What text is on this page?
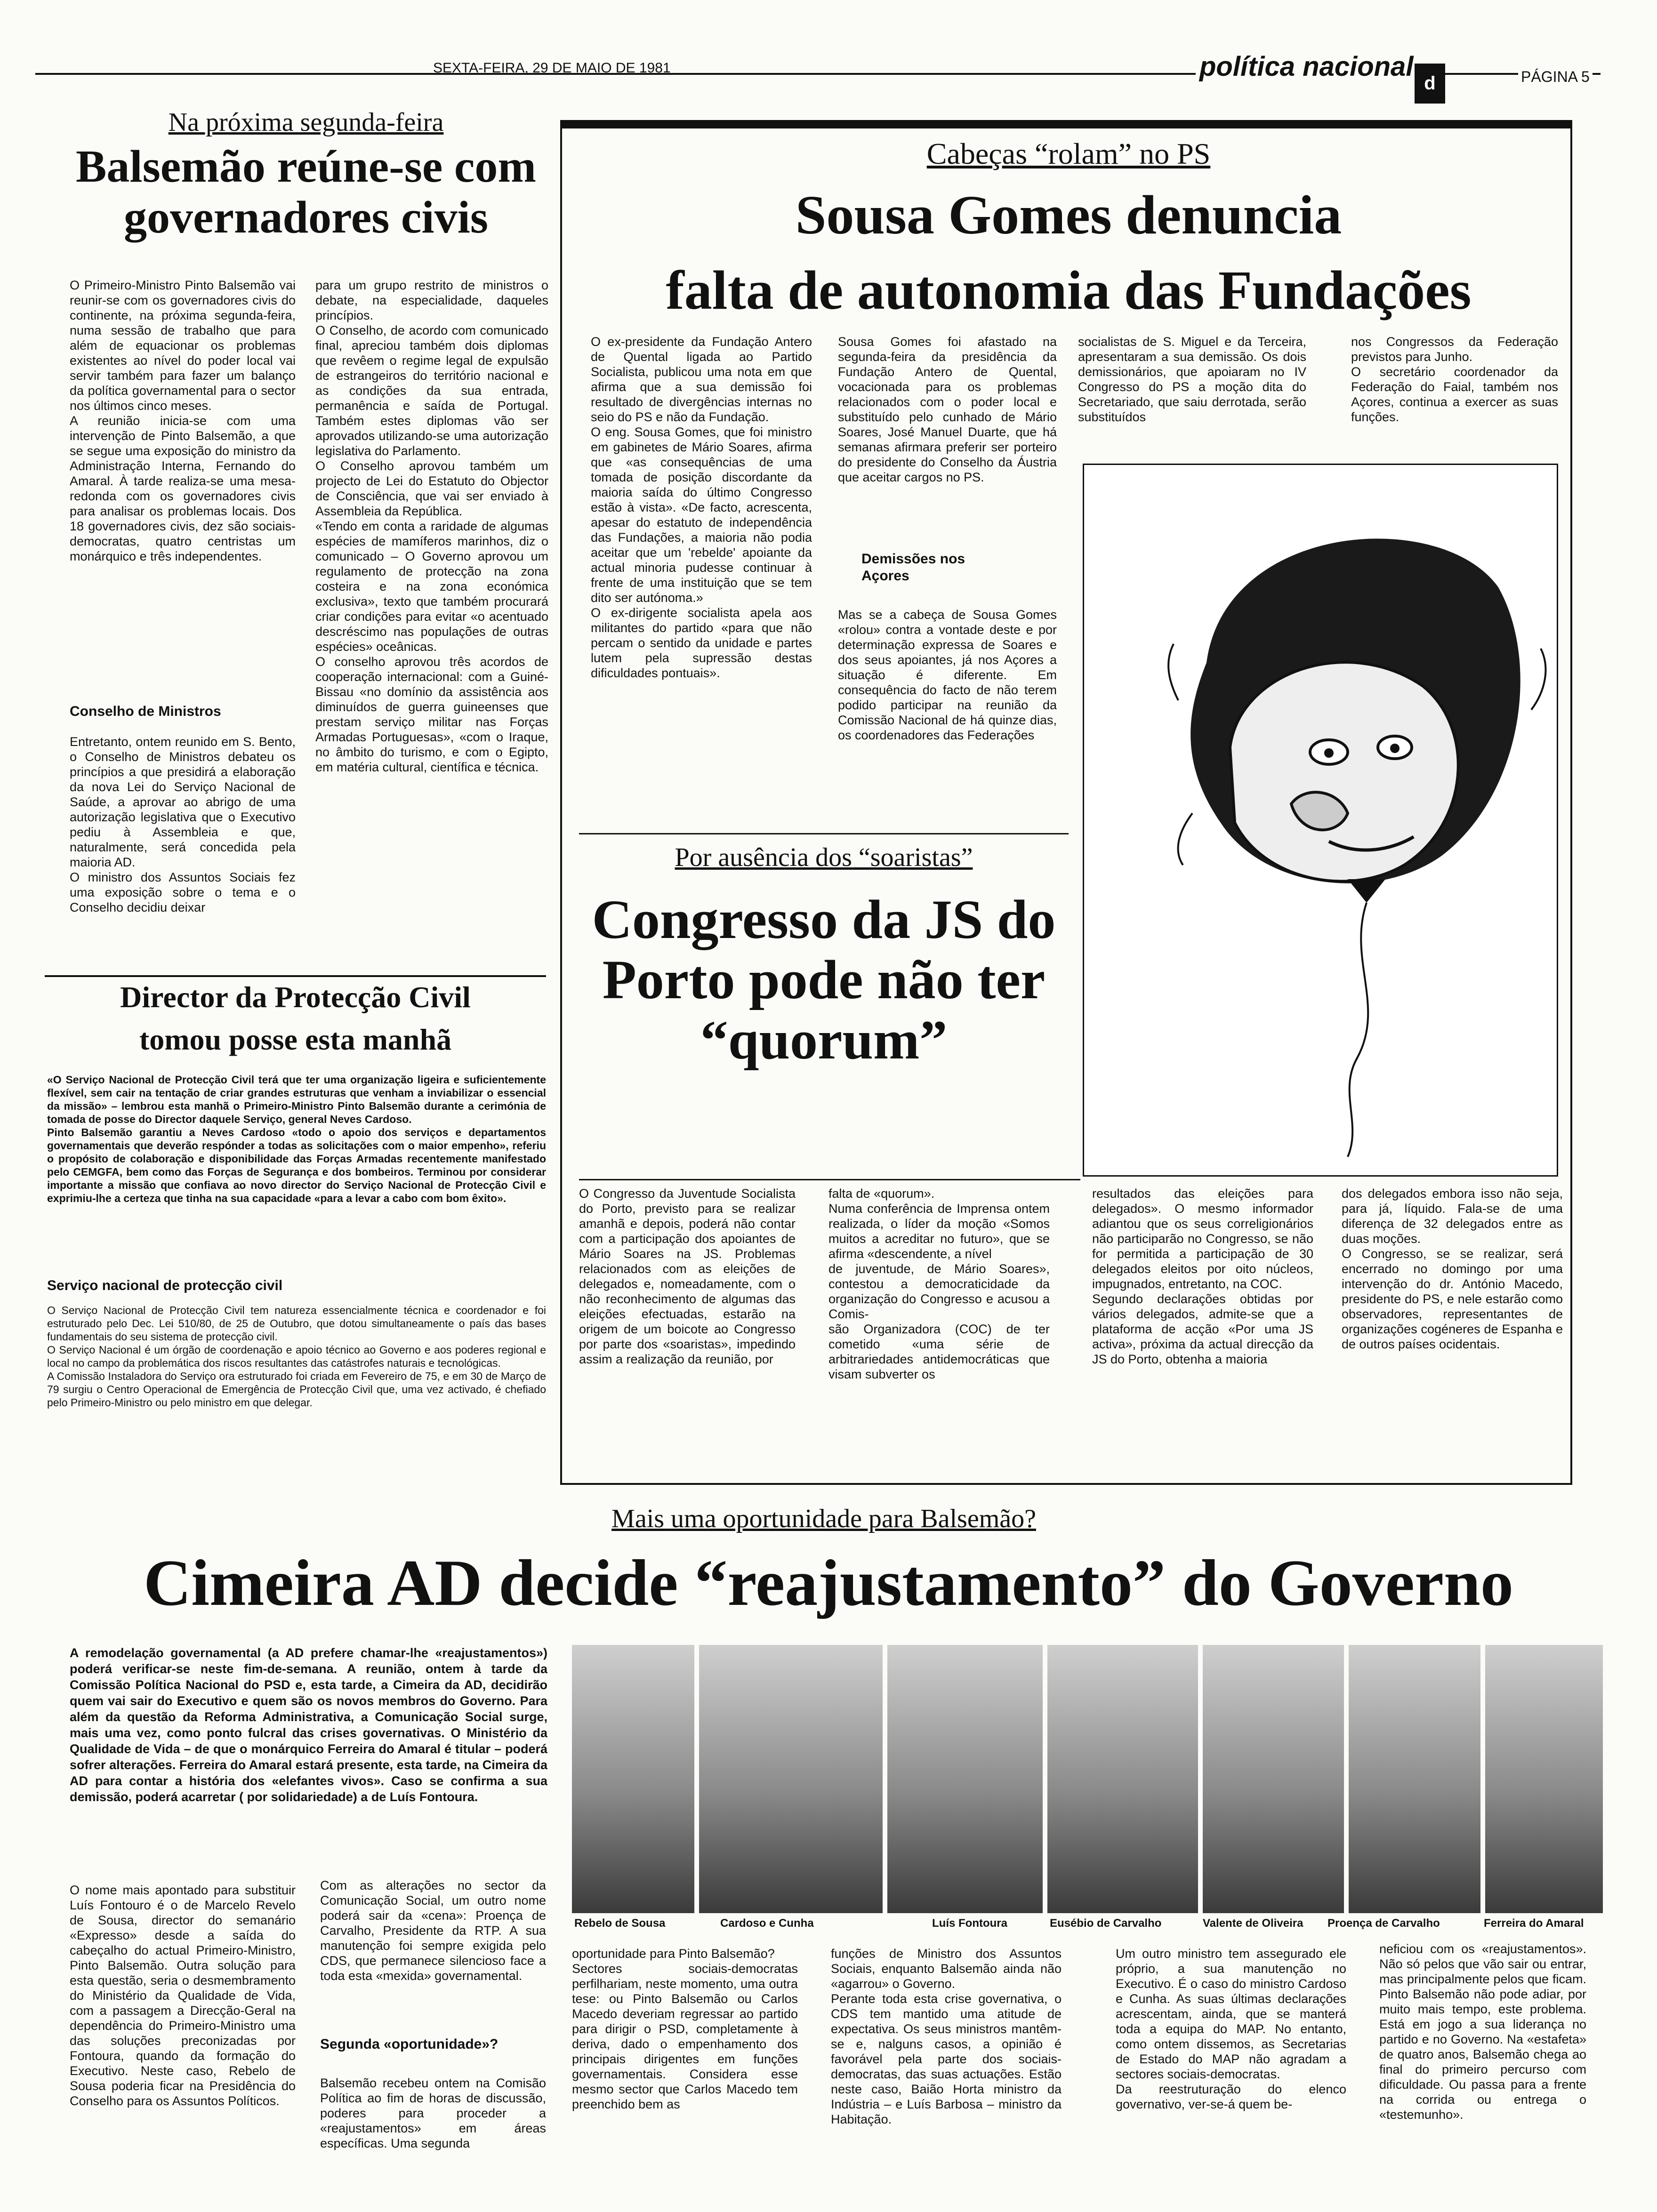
SEXTA-FEIRA, 29 DE MAIO DE 1981	política nacional
d	PÁGINA 5
Na próxima segunda-feira
Balsemão reúne-se com governadores civis
O Primeiro-Ministro Pinto Balsemão vai reunir-se com os governadores civis do continente, na próxima segunda-feira, numa sessão de trabalho que para além de equacionar os problemas existentes ao nível do poder local vai servir também para fazer um balanço da política governamental para o sector nos últimos cinco meses.
A reunião inicia-se com uma intervenção de Pinto Balsemão, a que se segue uma exposição do ministro da Administração Interna, Fernando do Amaral. À tarde realiza-se uma mesa-redonda com os governadores civis para analisar os problemas locais. Dos 18 governadores civis, dez são sociais-democratas, quatro centristas um monárquico e três independentes.
Conselho de Ministros
Entretanto, ontem reunido em S. Bento, o Conselho de Ministros debateu os princípios a que presidirá a elaboração da nova Lei do Serviço Nacional de Saúde, a aprovar ao abrigo de uma autorização legislativa que o Executivo pediu à Assembleia e que, naturalmente, será concedida pela maioria AD.
O ministro dos Assuntos Sociais fez uma exposição sobre o tema e o Conselho decidiu deixar
para um grupo restrito de ministros o debate, na especialidade, daqueles princípios.
O Conselho, de acordo com comunicado final, apreciou também dois diplomas que revêem o regime legal de expulsão de estrangeiros do território nacional e as condições da sua entrada, permanência e saída de Portugal. Também estes diplomas vão ser aprovados utilizando-se uma autorização legislativa do Parlamento.
O Conselho aprovou também um projecto de Lei do Estatuto do Objector de Consciência, que vai ser enviado à Assembleia da República.
«Tendo em conta a raridade de algumas espécies de mamíferos marinhos, diz o comunicado – O Governo aprovou um regulamento de protecção na zona costeira e na zona económica exclusiva», texto que também procurará criar condições para evitar «o acentuado descréscimo nas populações de outras espécies» oceânicas.
O conselho aprovou três acordos de cooperação internacional: com a Guiné-Bissau «no domínio da assistência aos diminuídos de guerra guineenses que prestam serviço militar nas Forças Armadas Portuguesas», «com o Iraque, no âmbito do turismo, e com o Egipto, em matéria cultural, científica e técnica.
Director da Protecção Civil
tomou posse esta manhã
«O Serviço Nacional de Protecção Civil terá que ter uma organização ligeira e suficientemente flexível, sem cair na tentação de criar grandes estruturas que venham a inviabilizar o essencial da missão» – lembrou esta manhã o Primeiro-Ministro Pinto Balsemão durante a cerimónia de tomada de posse do Director daquele Serviço, general Neves Cardoso.
Pinto Balsemão garantiu a Neves Cardoso «todo o apoio dos serviços e departamentos governamentais que deverão respónder a todas as solicitações com o maior empenho», referiu o propósito de colaboração e disponibilidade das Forças Armadas recentemente manifestado pelo CEMGFA, bem como das Forças de Segurança e dos bombeiros. Terminou por considerar importante a missão que confiava ao novo director do Serviço Nacional de Protecção Civil e exprimiu-lhe a certeza que tinha na sua capacidade «para a levar a cabo com bom êxito».
Serviço nacional de protecção civil
O Serviço Nacional de Protecção Civil tem natureza essencialmente técnica e coordenador e foi estruturado pelo Dec. Lei 510/80, de 25 de Outubro, que dotou simultaneamente o país das bases fundamentais do seu sistema de protecção civil.
O Serviço Nacional é um órgão de coordenação e apoio técnico ao Governo e aos poderes regional e local no campo da problemática dos riscos resultantes das catástrofes naturais e tecnológicas.
A Comissão Instaladora do Serviço ora estruturado foi criada em Fevereiro de 75, e em 30 de Março de 79 surgiu o Centro Operacional de Emergência de Protecção Civil que, uma vez activado, é chefiado pelo Primeiro-Ministro ou pelo ministro em que delegar.
Cabeças “rolam” no PS
Sousa Gomes denuncia
falta de autonomia das Fundações
O ex-presidente da Fundação Antero de Quental ligada ao Partido Socialista, publicou uma nota em que afirma que a sua demissão foi resultado de divergências internas no seio do PS e não da Fundação.
O eng. Sousa Gomes, que foi ministro em gabinetes de Mário Soares, afirma que «as consequências de uma tomada de posição discordante da maioria saída do último Congresso estão à vista». «De facto, acrescenta, apesar do estatuto de independência das Fundações, a maioria não podia aceitar que um 'rebelde' apoiante da actual minoria pudesse continuar à frente de uma instituição que se tem dito ser autónoma.»
O ex-dirigente socialista apela aos militantes do partido «para que não percam o sentido da unidade e partes lutem pela supressão destas dificuldades pontuais».
Sousa Gomes foi afastado na segunda-feira da presidência da Fundação Antero de Quental, vocacionada para os problemas relacionados com o poder local e substituído pelo cunhado de Mário Soares, José Manuel Duarte, que há semanas afirmara preferir ser porteiro do presidente do Conselho da Áustria que aceitar cargos no PS.
Demissões nos Açores
Mas se a cabeça de Sousa Gomes «rolou» contra a vontade deste e por determinação expressa de Soares e dos seus apoiantes, já nos Açores a situação é diferente. Em consequência do facto de não terem podido participar na reunião da Comissão Nacional de há quinze dias, os coordenadores das Federações
socialistas de S. Miguel e da Terceira, apresentaram a sua demissão. Os dois demissionários, que apoiaram no IV Congresso do PS a moção dita do Secretariado, que saiu derrotada, serão substituídos
nos Congressos da Federação previstos para Junho.
O secretário coordenador da Federação do Faial, também nos Açores, continua a exercer as suas funções.
Por ausência dos “soaristas”
Congresso da JS do Porto pode não ter “quorum”
O Congresso da Juventude Socialista do Porto, previsto para se realizar amanhã e depois, poderá não contar com a participação dos apoiantes de Mário Soares na JS. Problemas relacionados com as eleições de delegados e, nomeadamente, com o não reconhecimento de algumas das eleições efectuadas, estarão na origem de um boicote ao Congresso por parte dos «soaristas», impedindo assim a realização da reunião, por
falta de «quorum».
Numa conferência de Imprensa ontem realizada, o líder da moção «Somos muitos a acreditar no futuro», que se afirma «descendente, a nível
de juventude, de Mário Soares», contestou a democraticidade da organização do Congresso e acusou a Comis-
são Organizadora (COC) de ter cometido «uma série de arbitrariedades antidemocráticas que visam subverter os
resultados das eleições para delegados». O mesmo informador adiantou que os seus correligionários não participarão no Congresso, se não for permitida a participação de 30 delegados eleitos por oito núcleos, impugnados, entretanto, na COC.
Segundo declarações obtidas por vários delegados, admite-se que a plataforma de acção «Por uma JS activa», próxima da actual direcção da JS do Porto, obtenha a maioria
dos delegados embora isso não seja, para já, líquido. Fala-se de uma diferença de 32 delegados entre as duas moções.
O Congresso, se se realizar, será encerrado no domingo por uma intervenção do dr. António Macedo, presidente do PS, e nele estarão como observadores, representantes de organizações cogéneres de Espanha e de outros países ocidentais.
Mais uma oportunidade para Balsemão?
Cimeira AD decide “reajustamento” do Governo
A remodelação governamental (a AD prefere chamar-lhe «reajustamentos») poderá verificar-se neste fim-de-semana. A reunião, ontem à tarde da Comissão Política Nacional do PSD e, esta tarde, a Cimeira da AD, decidirão quem vai sair do Executivo e quem são os novos membros do Governo. Para além da questão da Reforma Administrativa, a Comunicação Social surge, mais uma vez, como ponto fulcral das crises governativas. O Ministério da Qualidade de Vida – de que o monárquico Ferreira do Amaral é titular – poderá sofrer alterações. Ferreira do Amaral estará presente, esta tarde, na Cimeira da AD para contar a história dos «elefantes vivos». Caso se confirma a sua demissão, poderá acarretar ( por solidariedade) a de Luís Fontoura.
Rebelo de Sousa	Cardoso e Cunha	Luís Fontoura	Eusébio de Carvalho	Valente de Oliveira Proença de Carvalho	Ferreira do Amaral
O nome mais apontado para substituir Luís Fontouro é o de Marcelo Revelo de Sousa, director do semanário «Expresso» desde a saída do cabeçalho do actual Primeiro-Ministro, Pinto Balsemão. Outra solução para esta questão, seria o desmembramento do Ministério da Qualidade de Vida, com a passagem a Direcção-Geral na dependência do Primeiro-Ministro uma das soluções preconizadas por Fontoura, quando da formação do Executivo. Neste caso, Rebelo de Sousa poderia ficar na Presidência do Conselho para os Assuntos Políticos.
Com as alterações no sector da Comunicação Social, um outro nome poderá sair da «cena»: Proença de Carvalho, Presidente da RTP. A sua manutenção foi sempre exigida pelo CDS, que permanece silencioso face a toda esta «mexida» governamental.
Segunda «oportunidade»?
Balsemão recebeu ontem na Comisão Política ao fim de horas de discussão, poderes para proceder a «reajustamentos» em áreas específicas. Uma segunda
oportunidade para Pinto Balsemão?
Sectores sociais-democratas perfilhariam, neste momento, uma outra tese: ou Pinto Balsemão ou Carlos Macedo deveriam regressar ao partido para dirigir o PSD, completamente à deriva, dado o empenhamento dos principais dirigentes em funções governamentais. Considera esse mesmo sector que Carlos Macedo tem preenchido bem as
funções de Ministro dos Assuntos Sociais, enquanto Balsemão ainda não «agarrou» o Governo.
Perante toda esta crise governativa, o CDS tem mantido uma atitude de expectativa. Os seus ministros mantêm-se e, nalguns casos, a opinião é favorável pela parte dos sociais-democratas, das suas actuações. Estão neste caso, Baião Horta ministro da Indústria – e Luís Barbosa – ministro da Habitação.
Um outro ministro tem assegurado ele próprio, a sua manutenção no Executivo. É o caso do ministro Cardoso e Cunha. As suas últimas declarações acrescentam, ainda, que se manterá toda a equipa do MAP. No entanto, como ontem dissemos, as Secretarias de Estado do MAP não agradam a sectores sociais-democratas.
Da reestruturação do elenco governativo, ver-se-á quem be-
neficiou com os «reajustamentos». Não só pelos que vão sair ou entrar, mas principalmente pelos que ficam. Pinto Balsemão não pode adiar, por muito mais tempo, este problema. Está em jogo a sua liderança no partido e no Governo. Na «estafeta» de quatro anos, Balsemão chega ao final do primeiro percurso com dificuldade. Ou passa para a frente na corrida ou entrega o «testemunho».
